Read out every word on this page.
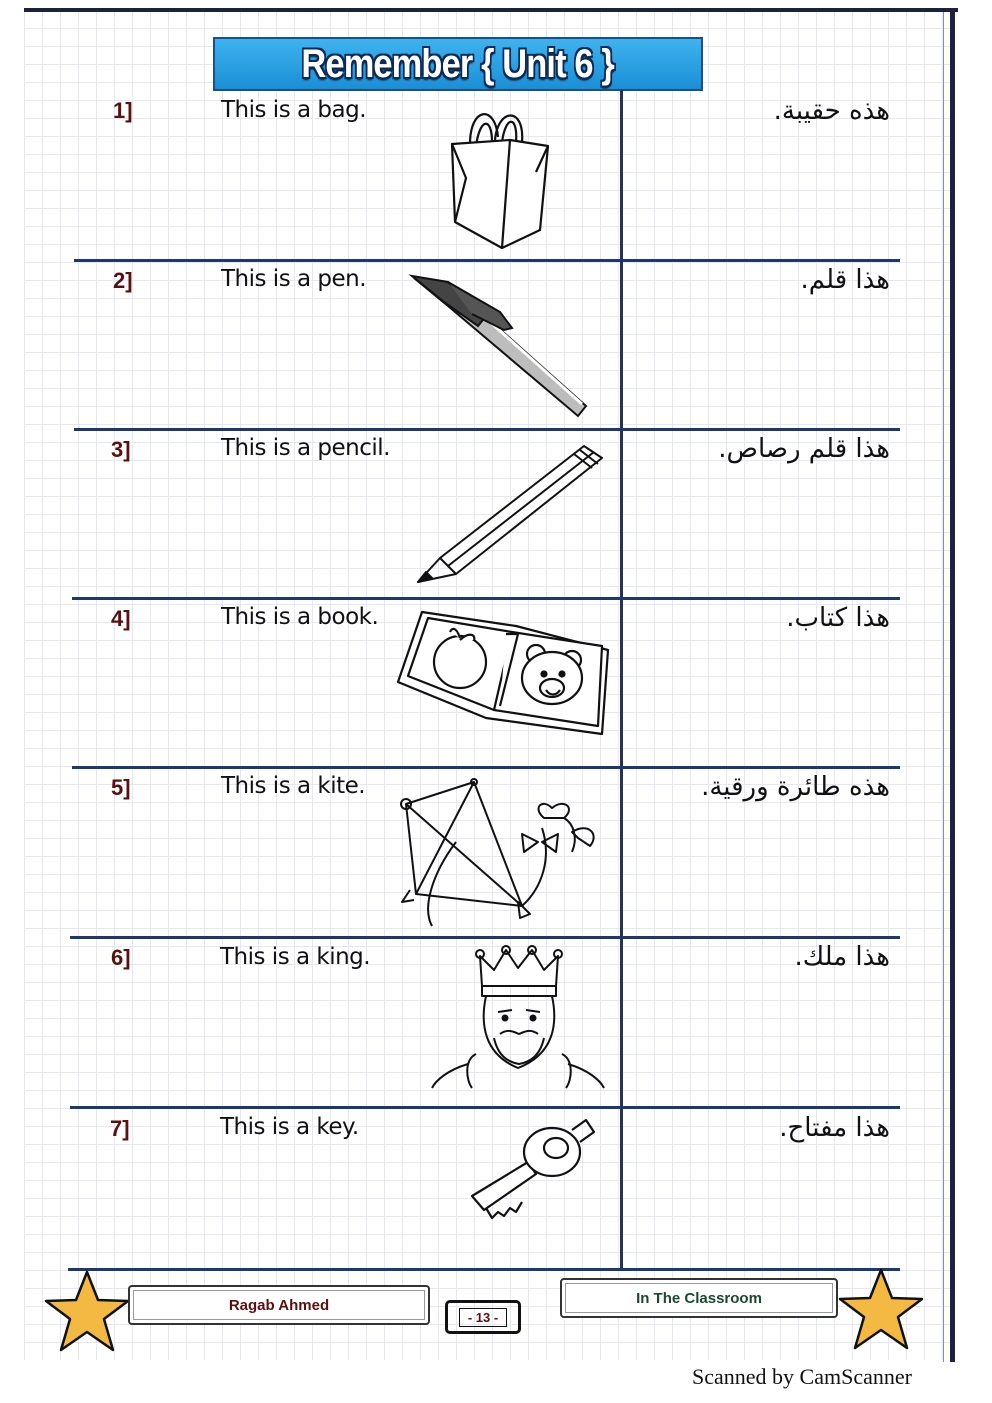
Remember { Unit 6 }
1]	This is a bag.	هذه حقيبة.
2]	This is a pen.	هذا قلم.
3]	This is a pencil.	هذا قلم رصاص.
4]	This is a book.	هذا كتاب.
5]	This is a kite.	هذه طائرة ورقية.
6]	This is a king.	هذا ملك.
7]	This is a key.	هذا مفتاح.
Ragab Ahmed
- 13 -
In The Classroom
Scanned by CamScanner
